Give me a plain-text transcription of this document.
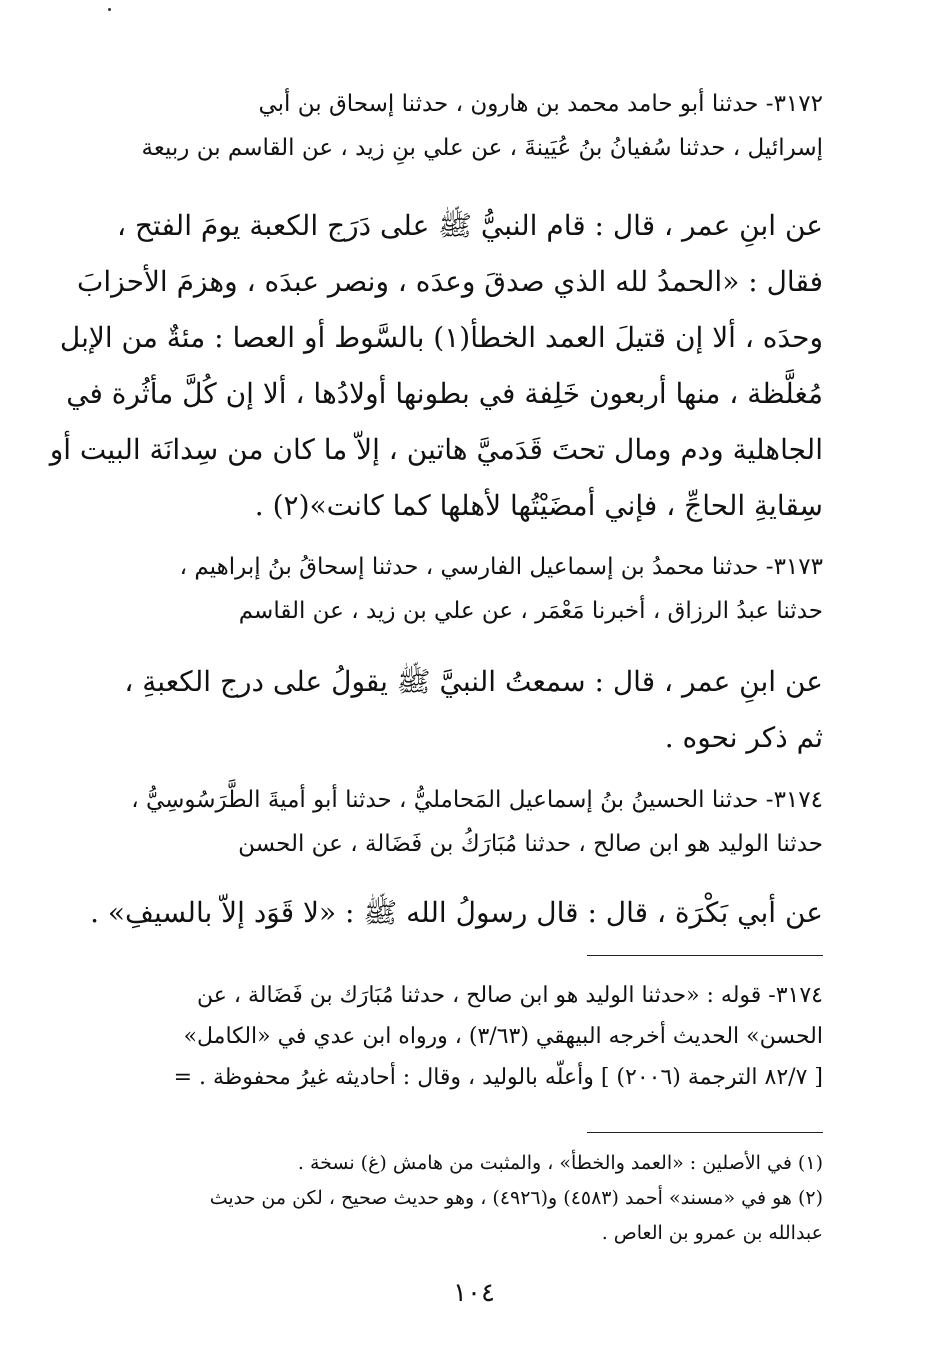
٣١٧٢- حدثنا أبو حامد محمد بن هارون ، حدثنا إسحاق بن أبي
إسرائيل ، حدثنا سُفيانُ بنُ عُيَينةَ ، عن علي بنِ زيد ، عن القاسم بن ربيعة
عن ابنِ عمر ، قال : قام النبيُّ ﷺ على دَرَج الكعبة يومَ الفتح ،
فقال : «الحمدُ لله الذي صدقَ وعدَه ، ونصر عبدَه ، وهزمَ الأحزابَ
وحدَه ، ألا إن قتيلَ العمد الخطأ(١) بالسَّوط أو العصا : مئةٌ من الإبل
مُغلَّظة ، منها أربعون خَلِفة في بطونها أولادُها ، ألا إن كُلَّ مأثُرة في
الجاهلية ودم ومال تحتَ قَدَميَّ هاتين ، إلاّ ما كان من سِدانَة البيت أو
سِقايةِ الحاجِّ ، فإني أمضَيْتُها لأهلها كما كانت»(٢) .
٣١٧٣- حدثنا محمدُ بن إسماعيل الفارسي ، حدثنا إسحاقُ بنُ إبراهيم ،
حدثنا عبدُ الرزاق ، أخبرنا مَعْمَر ، عن علي بن زيد ، عن القاسم
عن ابنِ عمر ، قال : سمعتُ النبيَّ ﷺ يقولُ على درج الكعبةِ ،
ثم ذكر نحوه .
٣١٧٤- حدثنا الحسينُ بنُ إسماعيل المَحامليُّ ، حدثنا أبو أميةَ الطَّرَسُوسِيُّ ،
حدثنا الوليد هو ابن صالح ، حدثنا مُبَارَكُ بن فَضَالة ، عن الحسن
عن أبي بَكْرَة ، قال : قال رسولُ الله ﷺ : «لا قَوَد إلاّ بالسيفِ» .
٣١٧٤- قوله : «حدثنا الوليد هو ابن صالح ، حدثنا مُبَارَك بن فَضَالة ، عن
الحسن» الحديث أخرجه البيهقي (٣/٦٣) ، ورواه ابن عدي في «الكامل»
[ ٨٢/٧ الترجمة (٢٠٠٦) ] وأعلّه بالوليد ، وقال : أحاديثه غيرُ محفوظة . =
(١) في الأصلين : «العمد والخطأ» ، والمثبت من هامش (غ) نسخة .
(٢) هو في «مسند» أحمد (٤٥٨٣) و(٤٩٢٦) ، وهو حديث صحيح ، لكن من حديث
عبدالله بن عمرو بن العاص .
١٠٤
